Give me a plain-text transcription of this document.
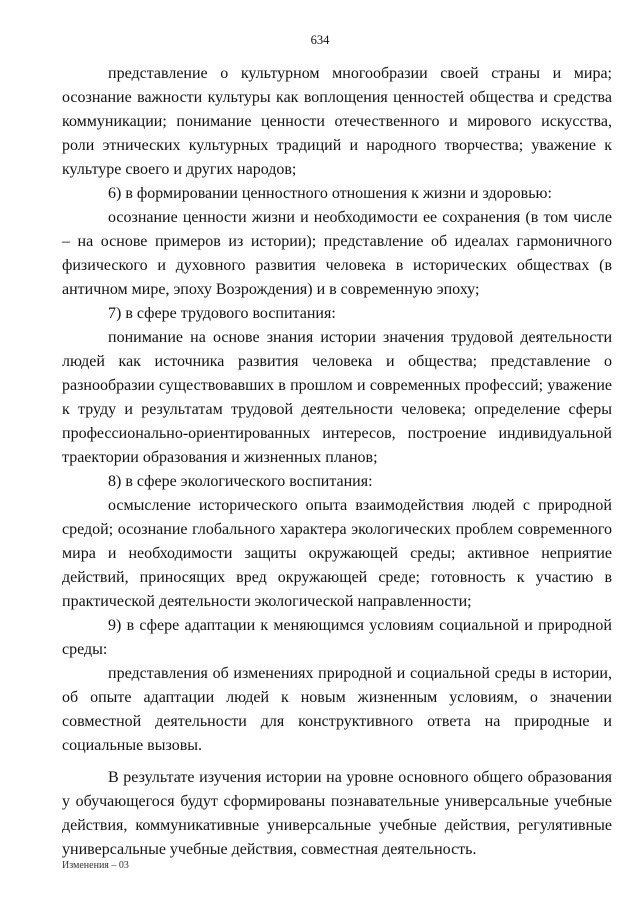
634

представление о культурном многообразии своей страны и мира; осознание важности культуры как воплощения ценностей общества и средства коммуникации; понимание ценности отечественного и мирового искусства, роли этнических культурных традиций и народного творчества; уважение к культуре своего и других народов;

6) в формировании ценностного отношения к жизни и здоровью:

осознание ценности жизни и необходимости ее сохранения (в том числе – на основе примеров из истории); представление об идеалах гармоничного физического и духовного развития человека в исторических обществах (в античном мире, эпоху Возрождения) и в современную эпоху;

7) в сфере трудового воспитания:

понимание на основе знания истории значения трудовой деятельности людей как источника развития человека и общества; представление о разнообразии существовавших в прошлом и современных профессий; уважение к труду и результатам трудовой деятельности человека; определение сферы профессионально-ориентированных интересов, построение индивидуальной траектории образования и жизненных планов;

8) в сфере экологического воспитания:

осмысление исторического опыта взаимодействия людей с природной средой; осознание глобального характера экологических проблем современного мира и необходимости защиты окружающей среды; активное неприятие действий, приносящих вред окружающей среде; готовность к участию в практической деятельности экологической направленности;

9) в сфере адаптации к меняющимся условиям социальной и природной среды:

представления об изменениях природной и социальной среды в истории, об опыте адаптации людей к новым жизненным условиям, о значении совместной деятельности для конструктивного ответа на природные и социальные вызовы.

В результате изучения истории на уровне основного общего образования у обучающегося будут сформированы познавательные универсальные учебные действия, коммуникативные универсальные учебные действия, регулятивные универсальные учебные действия, совместная деятельность.

Изменения – 03
